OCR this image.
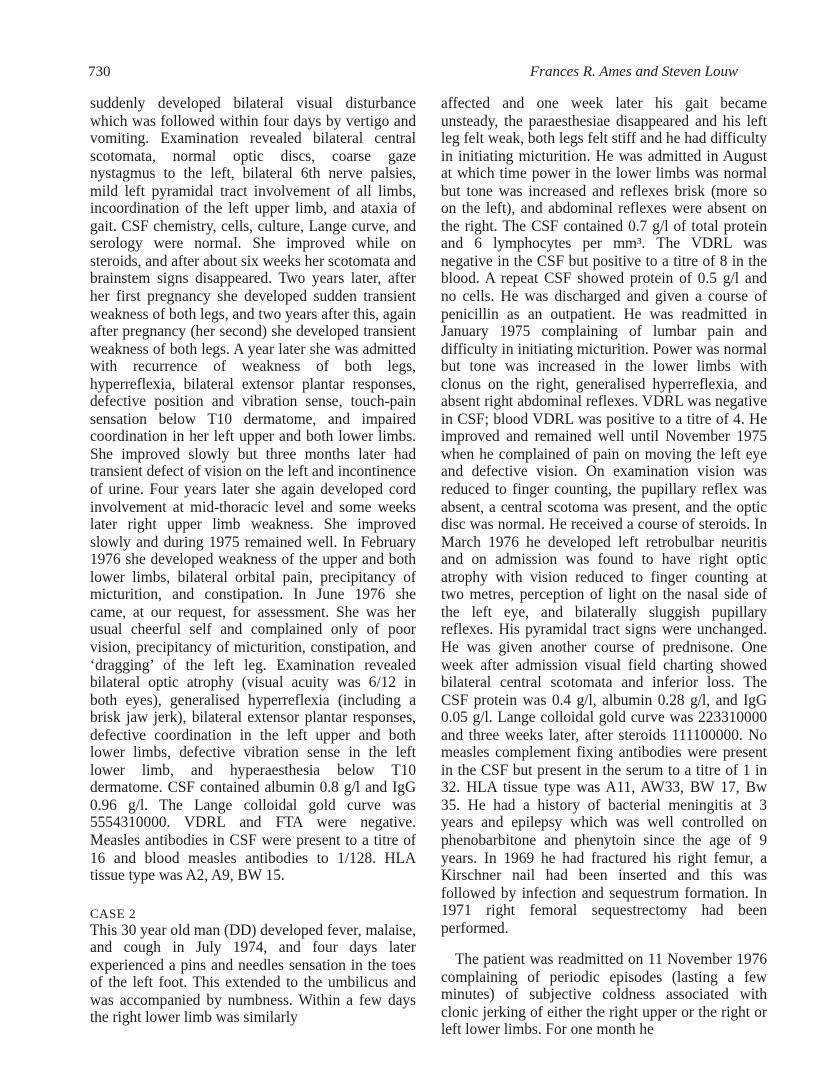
730	Frances R. Ames and Steven Louw

suddenly developed bilateral visual disturbance which was followed within four days by vertigo and vomiting. Examination revealed bilateral central scotomata, normal optic discs, coarse gaze nystagmus to the left, bilateral 6th nerve palsies, mild left pyramidal tract involvement of all limbs, incoordination of the left upper limb, and ataxia of gait. CSF chemistry, cells, culture, Lange curve, and serology were normal. She improved while on steroids, and after about six weeks her scotomata and brainstem signs disappeared. Two years later, after her first pregnancy she developed sudden transient weakness of both legs, and two years after this, again after pregnancy (her second) she developed transient weakness of both legs. A year later she was admitted with recurrence of weakness of both legs, hyperreflexia, bilateral extensor plantar responses, defective position and vibration sense, touch-pain sensation below T10 dermatome, and impaired coordination in her left upper and both lower limbs. She improved slowly but three months later had transient defect of vision on the left and incontinence of urine. Four years later she again developed cord involvement at mid-thoracic level and some weeks later right upper limb weakness. She improved slowly and during 1975 remained well. In February 1976 she developed weakness of the upper and both lower limbs, bilateral orbital pain, precipitancy of micturition, and constipation. In June 1976 she came, at our request, for assessment. She was her usual cheerful self and complained only of poor vision, precipitancy of micturition, constipation, and ‘dragging’ of the left leg. Examination revealed bilateral optic atrophy (visual acuity was 6/12 in both eyes), generalised hyperreflexia (including a brisk jaw jerk), bilateral extensor plantar responses, defective coordination in the left upper and both lower limbs, defective vibration sense in the left lower limb, and hyperaesthesia below T10 dermatome. CSF contained albumin 0.8 g/l and IgG 0.96 g/l. The Lange colloidal gold curve was 5554310000. VDRL and FTA were negative. Measles antibodies in CSF were present to a titre of 16 and blood measles antibodies to 1/128. HLA tissue type was A2, A9, BW 15.

CASE 2

This 30 year old man (DD) developed fever, malaise, and cough in July 1974, and four days later experienced a pins and needles sensation in the toes of the left foot. This extended to the umbilicus and was accompanied by numbness. Within a few days the right lower limb was similarly

affected and one week later his gait became unsteady, the paraesthesiae disappeared and his left leg felt weak, both legs felt stiff and he had difficulty in initiating micturition. He was admitted in August at which time power in the lower limbs was normal but tone was increased and reflexes brisk (more so on the left), and abdominal reflexes were absent on the right. The CSF contained 0.7 g/l of total protein and 6 lymphocytes per mm³. The VDRL was negative in the CSF but positive to a titre of 8 in the blood. A repeat CSF showed protein of 0.5 g/l and no cells. He was discharged and given a course of penicillin as an outpatient. He was readmitted in January 1975 complaining of lumbar pain and difficulty in initiating micturition. Power was normal but tone was increased in the lower limbs with clonus on the right, generalised hyperreflexia, and absent right abdominal reflexes. VDRL was negative in CSF; blood VDRL was positive to a titre of 4. He improved and remained well until November 1975 when he complained of pain on moving the left eye and defective vision. On examination vision was reduced to finger counting, the pupillary reflex was absent, a central scotoma was present, and the optic disc was normal. He received a course of steroids. In March 1976 he developed left retrobulbar neuritis and on admission was found to have right optic atrophy with vision reduced to finger counting at two metres, perception of light on the nasal side of the left eye, and bilaterally sluggish pupillary reflexes. His pyramidal tract signs were unchanged. He was given another course of prednisone. One week after admission visual field charting showed bilateral central scotomata and inferior loss. The CSF protein was 0.4 g/l, albumin 0.28 g/l, and IgG 0.05 g/l. Lange colloidal gold curve was 223310000 and three weeks later, after steroids 111100000. No measles complement fixing antibodies were present in the CSF but present in the serum to a titre of 1 in 32. HLA tissue type was A11, AW33, BW 17, Bw 35. He had a history of bacterial meningitis at 3 years and epilepsy which was well controlled on phenobarbitone and phenytoin since the age of 9 years. In 1969 he had fractured his right femur, a Kirschner nail had been inserted and this was followed by infection and sequestrum formation. In 1971 right femoral sequestrectomy had been performed.

The patient was readmitted on 11 November 1976 complaining of periodic episodes (lasting a few minutes) of subjective coldness associated with clonic jerking of either the right upper or the right or left lower limbs. For one month he
